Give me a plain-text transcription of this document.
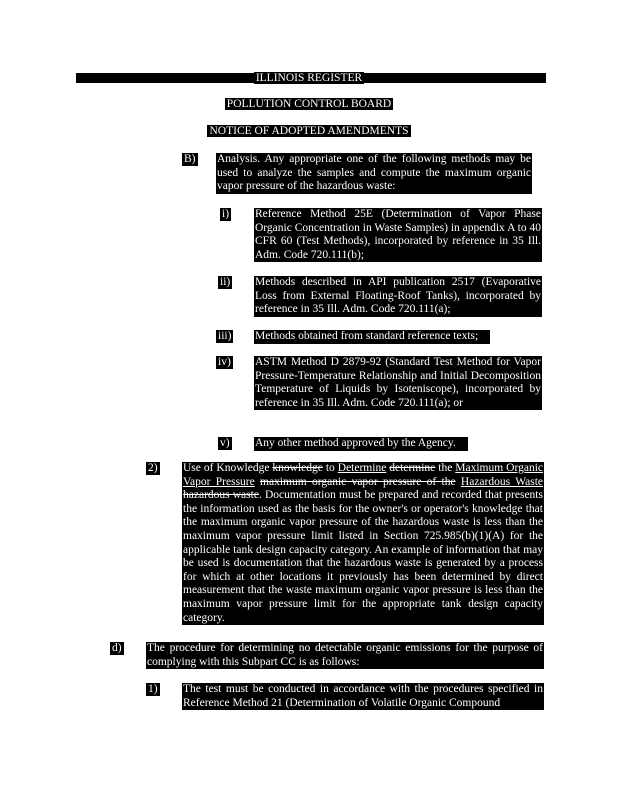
ILLINOIS REGISTER
POLLUTION CONTROL BOARD
NOTICE OF ADOPTED AMENDMENTS
B) Analysis. Any appropriate one of the following methods may be used to analyze the samples and compute the maximum organic vapor pressure of the hazardous waste:
i) Reference Method 25E (Determination of Vapor Phase Organic Concentration in Waste Samples) in appendix A to 40 CFR 60 (Test Methods), incorporated by reference in 35 Ill. Adm. Code 720.111(b);
ii) Methods described in API publication 2517 (Evaporative Loss from External Floating-Roof Tanks), incorporated by reference in 35 Ill. Adm. Code 720.111(a);
iii) Methods obtained from standard reference texts;
iv) ASTM Method D 2879-92 (Standard Test Method for Vapor Pressure-Temperature Relationship and Initial Decomposition Temperature of Liquids by Isoteniscope), incorporated by reference in 35 Ill. Adm. Code 720.111(a); or
v) Any other method approved by the Agency.
2) Use of Knowledge knowledge to Determine determine the Maximum Organic Vapor Pressure maximum organic vapor pressure of the Hazardous Waste hazardous waste. Documentation must be prepared and recorded that presents the information used as the basis for the owner's or operator's knowledge that the maximum organic vapor pressure of the hazardous waste is less than the maximum vapor pressure limit listed in Section 725.985(b)(1)(A) for the applicable tank design capacity category. An example of information that may be used is documentation that the hazardous waste is generated by a process for which at other locations it previously has been determined by direct measurement that the waste maximum organic vapor pressure is less than the maximum vapor pressure limit for the appropriate tank design capacity category.
d) The procedure for determining no detectable organic emissions for the purpose of complying with this Subpart CC is as follows:
1) The test must be conducted in accordance with the procedures specified in Reference Method 21 (Determination of Volatile Organic Compound
